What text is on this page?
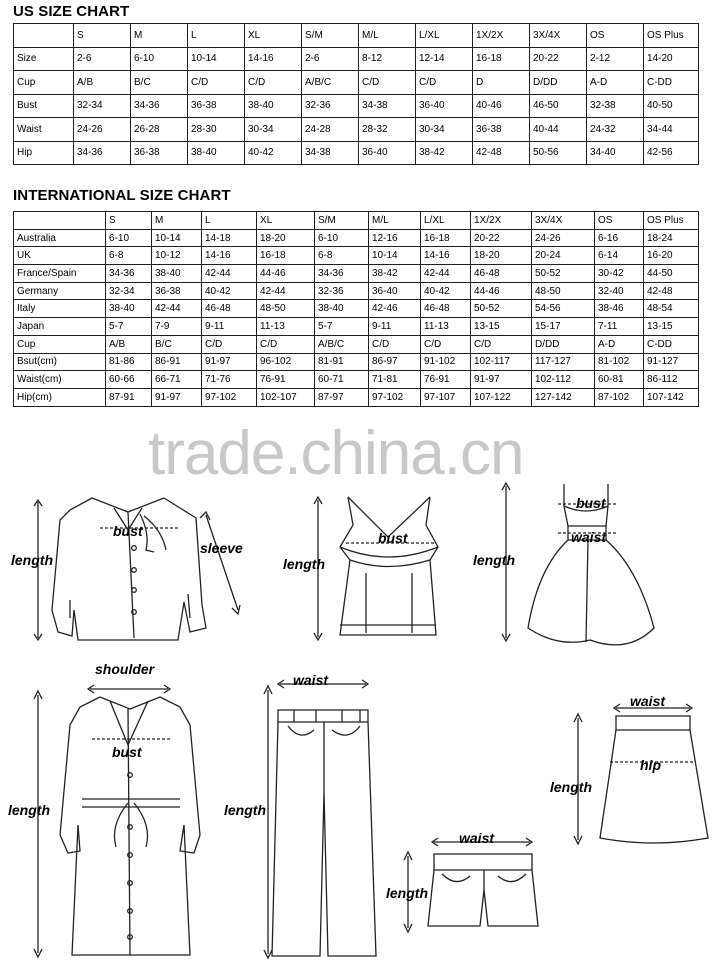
US SIZE CHART
	S	M	L	XL	S/M	M/L	L/XL	1X/2X	3X/4X	OS	OS Plus
Size	2-6	6-10	10-14	14-16	2-6	8-12	12-14	16-18	20-22	2-12	14-20
Cup	A/B	B/C	C/D	C/D	A/B/C	C/D	C/D	D	D/DD	A-D	C-DD
Bust	32-34	34-36	36-38	38-40	32-36	34-38	36-40	40-46	46-50	32-38	40-50
Waist	24-26	26-28	28-30	30-34	24-28	28-32	30-34	36-38	40-44	24-32	34-44
Hip	34-36	36-38	38-40	40-42	34-38	36-40	38-42	42-48	50-56	34-40	42-56
INTERNATIONAL SIZE CHART
	S	M	L	XL	S/M	M/L	L/XL	1X/2X	3X/4X	OS	OS Plus
Australia	6-10	10-14	14-18	18-20	6-10	12-16	16-18	20-22	24-26	6-16	18-24
UK	6-8	10-12	14-16	16-18	6-8	10-14	14-16	18-20	20-24	6-14	16-20
France/Spain	34-36	38-40	42-44	44-46	34-36	38-42	42-44	46-48	50-52	30-42	44-50
Germany	32-34	36-38	40-42	42-44	32-36	36-40	40-42	44-46	48-50	32-40	42-48
Italy	38-40	42-44	46-48	48-50	38-40	42-46	46-48	50-52	54-56	38-46	48-54
Japan	5-7	7-9	9-11	11-13	5-7	9-11	11-13	13-15	15-17	7-11	13-15
Cup	A/B	B/C	C/D	C/D	A/B/C	C/D	C/D	C/D	D/DD	A-D	C-DD
Bsut(cm)	81-86	86-91	91-97	96-102	81-91	86-97	91-102	102-117	117-127	81-102	91-127
Waist(cm)	60-66	66-71	71-76	76-91	60-71	71-81	76-91	91-97	102-112	60-81	86-112
Hip(cm)	87-91	91-97	97-102	102-107	87-97	97-102	97-107	107-122	127-142	87-102	107-142
trade.china.cn
length
bust
sleeve
length
bust
bust
waist
length
shoulder
bust
length
waist
length
waist
hip
length
waist
length
